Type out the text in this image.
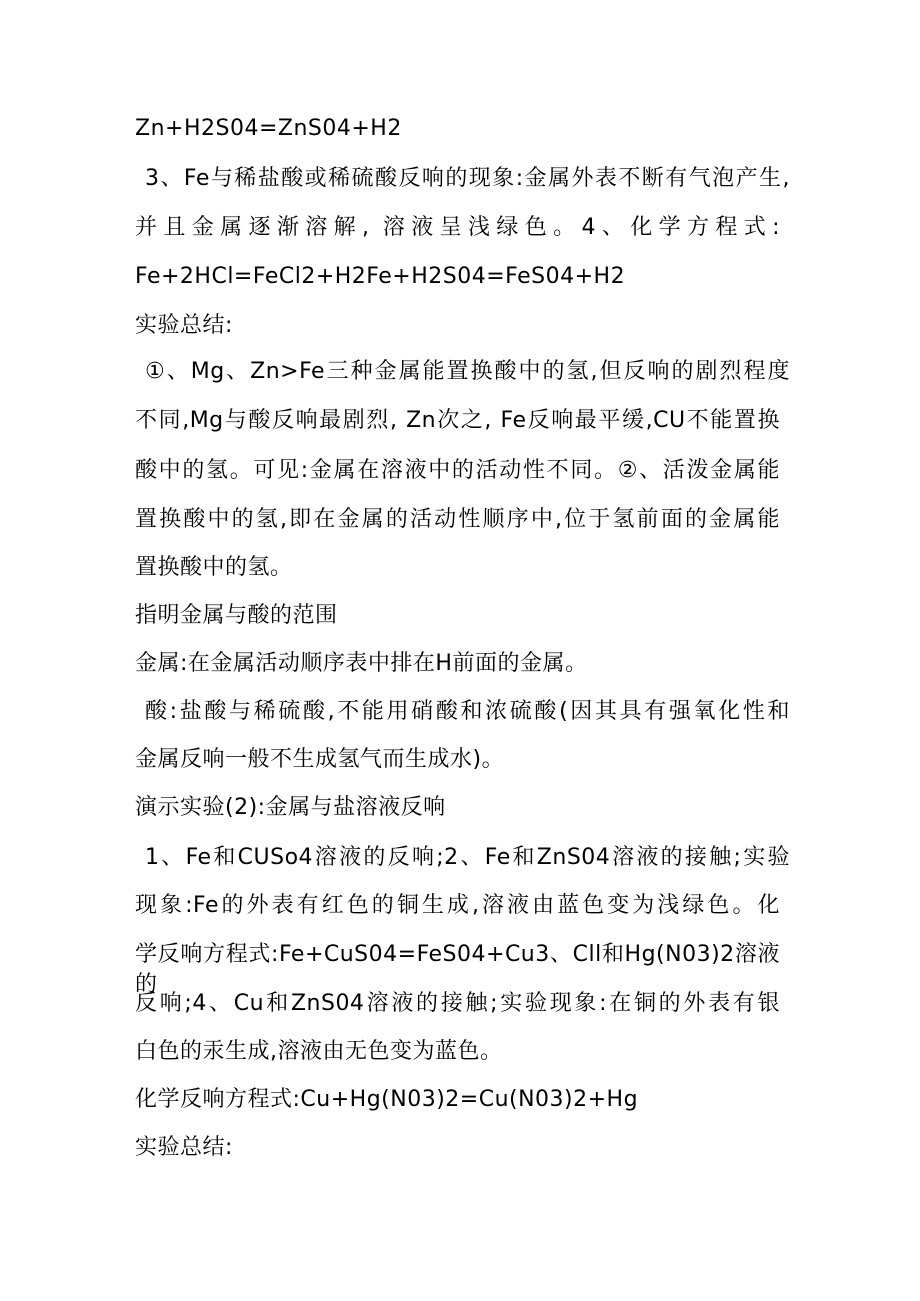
Zn+H2S04=ZnS04+H2
3、Fe与稀盐酸或稀硫酸反响的现象:金属外表不断有气泡产生,
并且金属逐渐溶解, 溶液呈浅绿色。4、化学方程式:
Fe+2HCl=FeCl2+H2Fe+H2S04=FeS04+H2
实验总结:
①、Mg、Zn>Fe三种金属能置换酸中的氢,但反响的剧烈程度
不同,Mg与酸反响最剧烈, Zn次之, Fe反响最平缓,CU不能置换
酸中的氢。可见:金属在溶液中的活动性不同。②、活泼金属能
置换酸中的氢,即在金属的活动性顺序中,位于氢前面的金属能
置换酸中的氢。
指明金属与酸的范围
金属:在金属活动顺序表中排在H前面的金属。
酸:盐酸与稀硫酸,不能用硝酸和浓硫酸(因其具有强氧化性和
金属反响一般不生成氢气而生成水)。
演示实验(2):金属与盐溶液反响
1、Fe和CUSo4溶液的反响;2、Fe和ZnS04溶液的接触;实验
现象:Fe的外表有红色的铜生成,溶液由蓝色变为浅绿色。化
学反响方程式:Fe+CuS04=FeS04+Cu3、Cll和Hg(N03)2溶液的
反响;4、Cu和ZnS04溶液的接触;实验现象:在铜的外表有银
白色的汞生成,溶液由无色变为蓝色。
化学反响方程式:Cu+Hg(N03)2=Cu(N03)2+Hg
实验总结:
